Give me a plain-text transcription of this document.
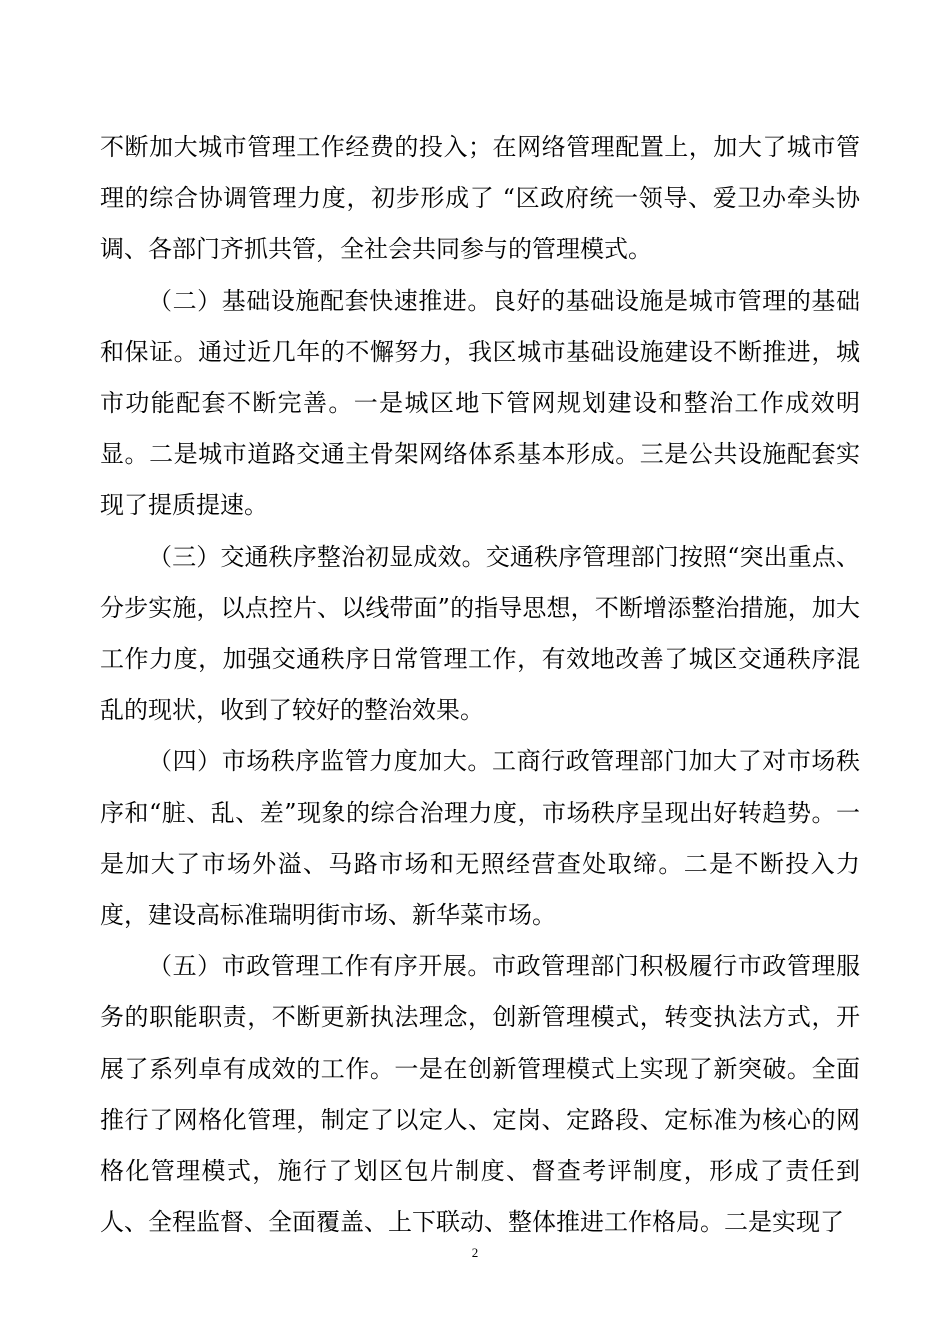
不断加大城市管理工作经费的投入；在网络管理配置上，加大了城市管理的综合协调管理力度，初步形成了 “区政府统一领导、爱卫办牵头协调、各部门齐抓共管，全社会共同参与的管理模式。

（二）基础设施配套快速推进。良好的基础设施是城市管理的基础和保证。通过近几年的不懈努力，我区城市基础设施建设不断推进，城市功能配套不断完善。一是城区地下管网规划建设和整治工作成效明显。二是城市道路交通主骨架网络体系基本形成。三是公共设施配套实现了提质提速。

（三）交通秩序整治初显成效。交通秩序管理部门按照“突出重点、分步实施，以点控片、以线带面”的指导思想，不断增添整治措施，加大工作力度，加强交通秩序日常管理工作，有效地改善了城区交通秩序混乱的现状，收到了较好的整治效果。

（四）市场秩序监管力度加大。工商行政管理部门加大了对市场秩序和“脏、乱、差”现象的综合治理力度，市场秩序呈现出好转趋势。一是加大了市场外溢、马路市场和无照经营查处取缔。二是不断投入力度，建设高标准瑞明街市场、新华菜市场。

（五）市政管理工作有序开展。市政管理部门积极履行市政管理服务的职能职责，不断更新执法理念，创新管理模式，转变执法方式，开展了系列卓有成效的工作。一是在创新管理模式上实现了新突破。全面推行了网格化管理，制定了以定人、定岗、定路段、定标准为核心的网格化管理模式，施行了划区包片制度、督查考评制度，形成了责任到人、全程监督、全面覆盖、上下联动、整体推进工作格局。二是实现了

2
